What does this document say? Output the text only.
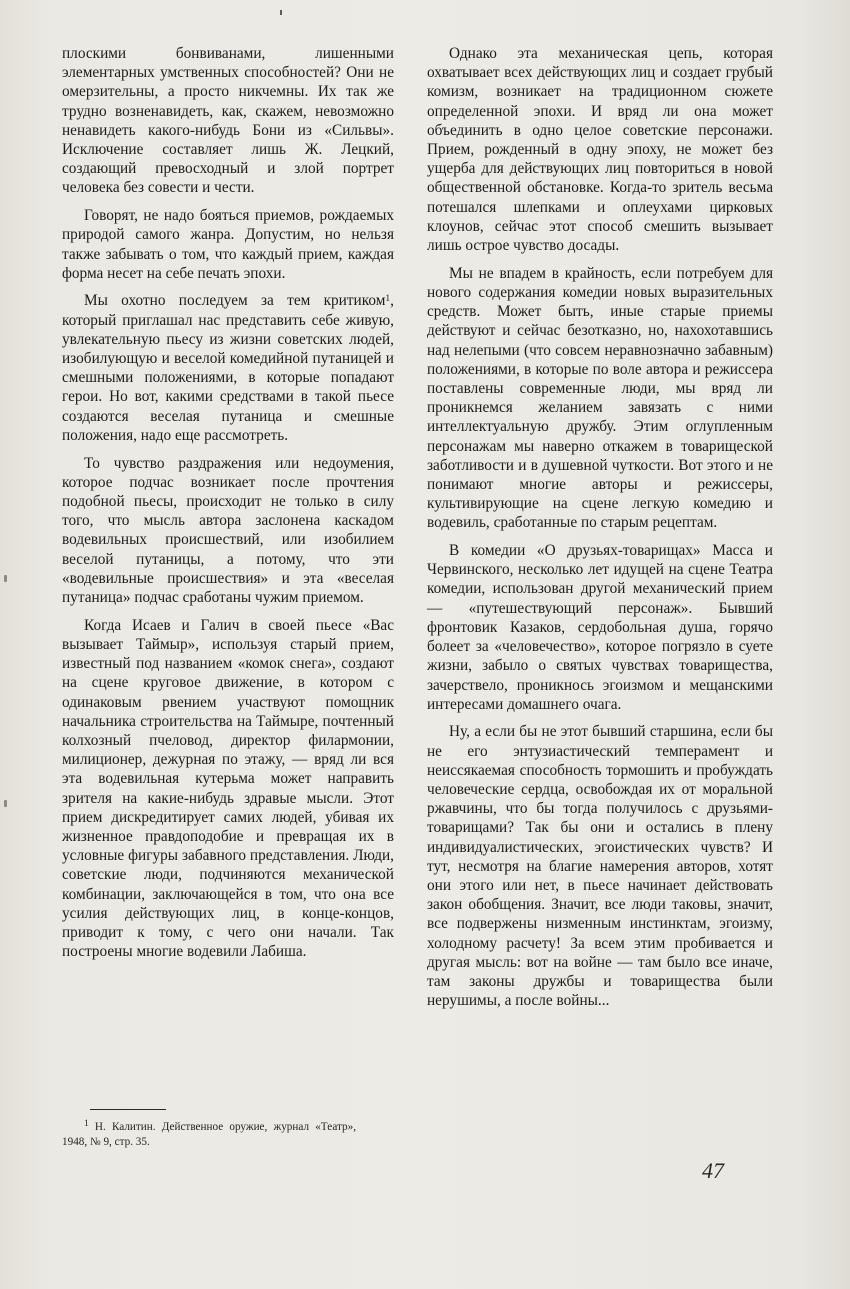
плоскими бонвиванами, лишенными элементарных умственных способностей? Они не омерзительны, а просто никчемны. Их так же трудно возненавидеть, как, скажем, невозможно ненавидеть какого-нибудь Бони из «Сильвы». Исключение составляет лишь Ж. Лецкий, создающий превосходный и злой портрет человека без совести и чести.

Говорят, не надо бояться приемов, рождаемых природой самого жанра. Допустим, но нельзя также забывать о том, что каждый прием, каждая форма несет на себе печать эпохи.

Мы охотно последуем за тем критиком$^1$, который приглашал нас представить себе живую, увлекательную пьесу из жизни советских людей, изобилующую и веселой комедийной путаницей и смешными положениями, в которые попадают герои. Но вот, какими средствами в такой пьесе создаются веселая путаница и смешные положения, надо еще рассмотреть.

То чувство раздражения или недоумения, которое подчас возникает после прочтения подобной пьесы, происходит не только в силу того, что мысль автора заслонена каскадом водевильных происшествий, или изобилием веселой путаницы, а потому, что эти «водевильные происшествия» и эта «веселая путаница» подчас сработаны чужим приемом.

Когда Исаев и Галич в своей пьесе «Вас вызывает Таймыр», используя старый прием, известный под названием «комок снега», создают на сцене круговое движение, в котором с одинаковым рвением участвуют помощник начальника строительства на Таймыре, почтенный колхозный пчеловод, директор филармонии, милиционер, дежурная по этажу, — вряд ли вся эта водевильная кутерьма может направить зрителя на какие-нибудь здравые мысли. Этот прием дискредитирует самих людей, убивая их жизненное правдоподобие и превращая их в условные фигуры забавного представления. Люди, советские люди, подчиняются механической комбинации, заключающейся в том, что она все усилия действующих лиц, в конце-концов, приводит к тому, с чего они начали. Так построены многие водевили Лабиша.

Однако эта механическая цепь, которая охватывает всех действующих лиц и создает грубый комизм, возникает на традиционном сюжете определенной эпохи. И вряд ли она может объединить в одно целое советские персонажи. Прием, рожденный в одну эпоху, не может без ущерба для действующих лиц повториться в новой общественной обстановке. Когда-то зритель весьма потешался шлепками и оплеухами цирковых клоунов, сейчас этот способ смешить вызывает лишь острое чувство досады.

Мы не впадем в крайность, если потребуем для нового содержания комедии новых выразительных средств. Может быть, иные старые приемы действуют и сейчас безотказно, но, нахохотавшись над нелепыми (что совсем неравнозначно забавным) положениями, в которые по воле автора и режиссера поставлены современные люди, мы вряд ли проникнемся желанием завязать с ними интеллектуальную дружбу. Этим оглупленным персонажам мы наверно откажем в товарищеской заботливости и в душевной чуткости. Вот этого и не понимают многие авторы и режиссеры, культивирующие на сцене легкую комедию и водевиль, сработанные по старым рецептам.

В комедии «О друзьях-товарищах» Масса и Червинского, несколько лет идущей на сцене Театра комедии, использован другой механический прием — «путешествующий персонаж». Бывший фронтовик Казаков, сердобольная душа, горячо болеет за «человечество», которое погрязло в суете жизни, забыло о святых чувствах товарищества, зачерствело, проникнось эгоизмом и мещанскими интересами домашнего очага.

Ну, а если бы не этот бывший старшина, если бы не его энтузиастический темперамент и неиссякаемая способность тормошить и пробуждать человеческие сердца, освобождая их от моральной ржавчины, что бы тогда получилось с друзьями-товарищами? Так бы они и остались в плену индивидуалистических, эгоистических чувств? И тут, несмотря на благие намерения авторов, хотят они этого или нет, в пьесе начинает действовать закон обобщения. Значит, все люди таковы, значит, все подвержены низменным инстинктам, эгоизму, холодному расчету! За всем этим пробивается и другая мысль: вот на войне — там было все иначе, там законы дружбы и товарищества были нерушимы, а после войны...

$^1$ Н. Калитин. Действенное оружие, журнал «Театр», 1948, № 9, стр. 35.
47
